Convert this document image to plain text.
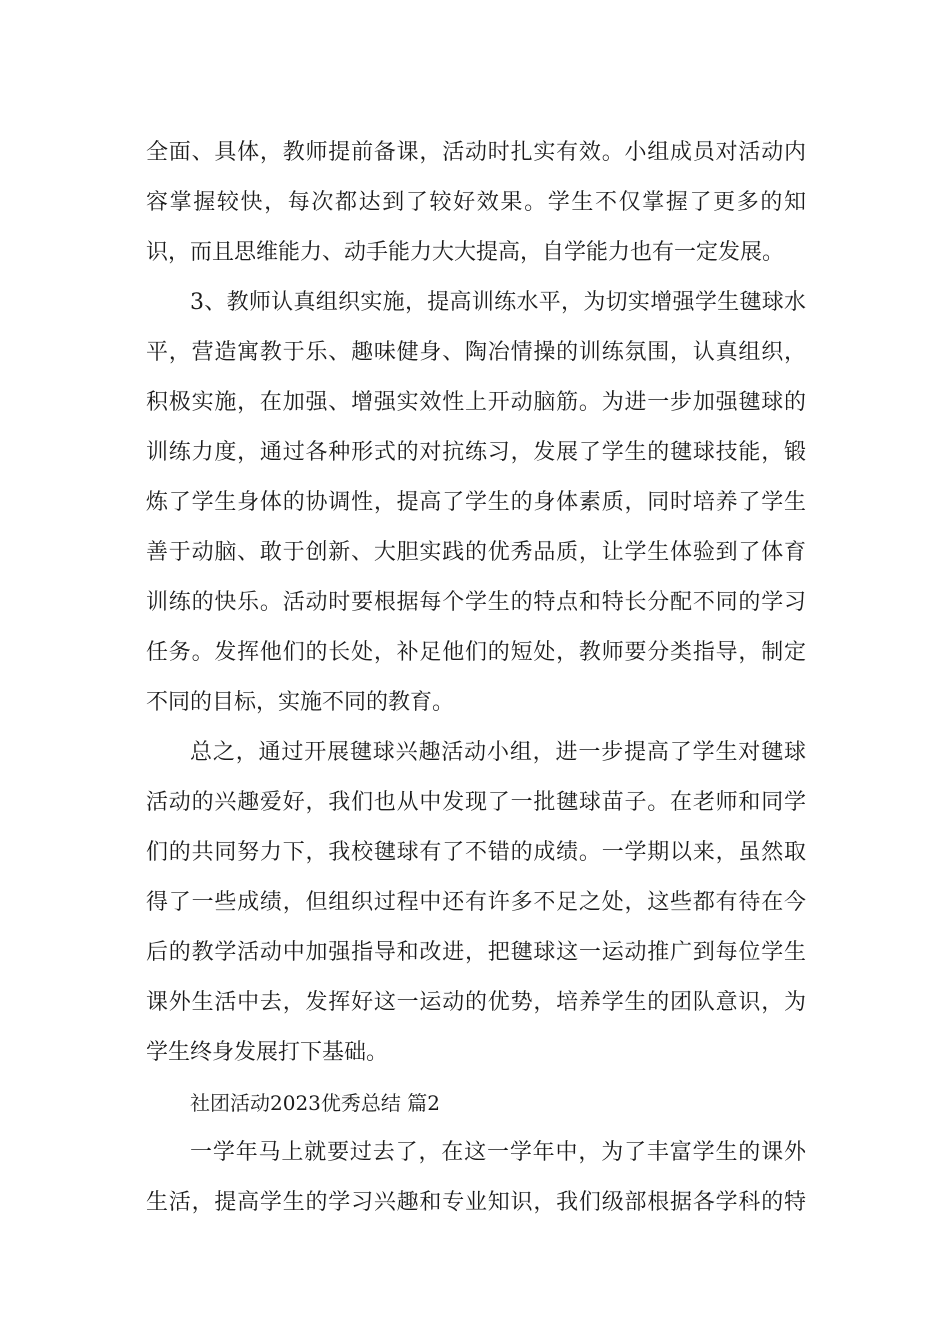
全面、具体，教师提前备课，活动时扎实有效。小组成员对活动内
容掌握较快，每次都达到了较好效果。学生不仅掌握了更多的知
识，而且思维能力、动手能力大大提高，自学能力也有一定发展。
3、教师认真组织实施，提高训练水平，为切实增强学生毽球水
平，营造寓教于乐、趣味健身、陶冶情操的训练氛围，认真组织，
积极实施，在加强、增强实效性上开动脑筋。为进一步加强毽球的
训练力度，通过各种形式的对抗练习，发展了学生的毽球技能，锻
炼了学生身体的协调性，提高了学生的身体素质，同时培养了学生
善于动脑、敢于创新、大胆实践的优秀品质，让学生体验到了体育
训练的快乐。活动时要根据每个学生的特点和特长分配不同的学习
任务。发挥他们的长处，补足他们的短处，教师要分类指导，制定
不同的目标，实施不同的教育。
总之，通过开展毽球兴趣活动小组，进一步提高了学生对毽球
活动的兴趣爱好，我们也从中发现了一批毽球苗子。在老师和同学
们的共同努力下，我校毽球有了不错的成绩。一学期以来，虽然取
得了一些成绩，但组织过程中还有许多不足之处，这些都有待在今
后的教学活动中加强指导和改进，把毽球这一运动推广到每位学生
课外生活中去，发挥好这一运动的优势，培养学生的团队意识，为
学生终身发展打下基础。
社团活动2023优秀总结 篇2
一学年马上就要过去了，在这一学年中，为了丰富学生的课外
生活，提高学生的学习兴趣和专业知识，我们级部根据各学科的特
